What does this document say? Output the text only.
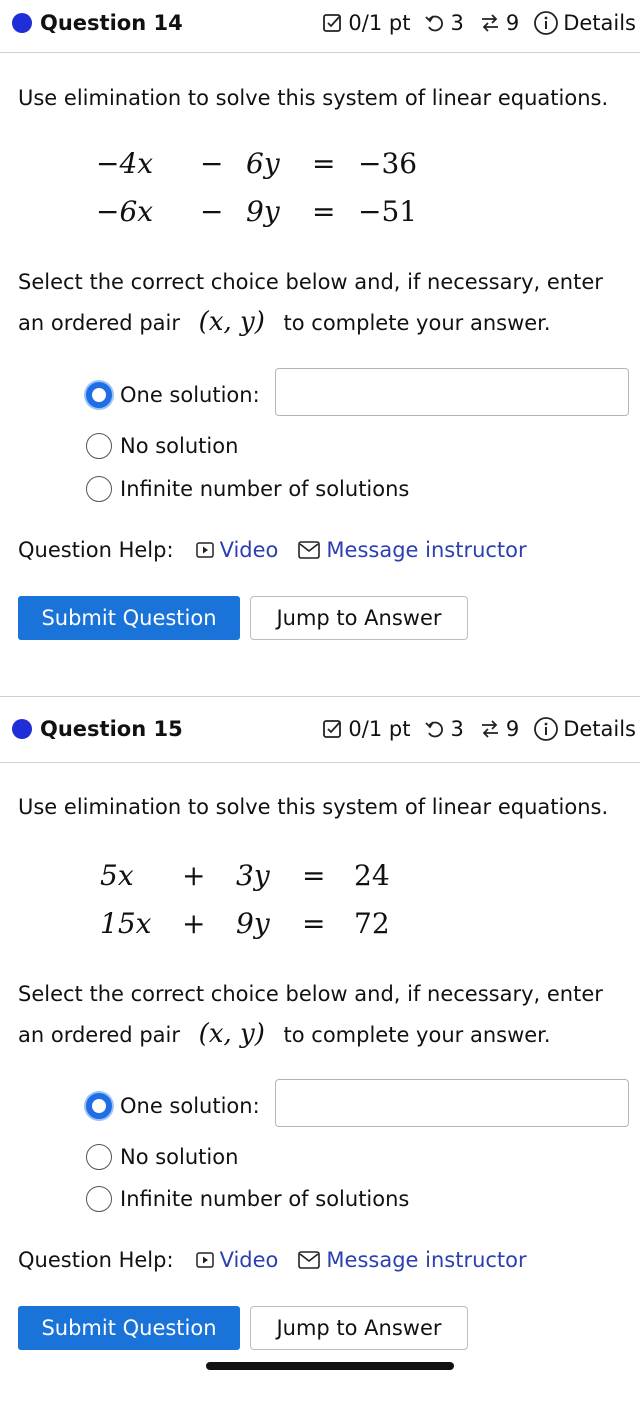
Question 14	0/1 pt 3 9 Details
Use elimination to solve this system of linear equations.
−4x − 6y = −36
−6x − 9y = −51
Select the correct choice below and, if necessary, enter an ordered pair (x, y) to complete your answer.
One solution:
No solution
Infinite number of solutions
Question Help: Video Message instructor
Submit Question	Jump to Answer
Question 15	0/1 pt 3 9 Details
Use elimination to solve this system of linear equations.
5x + 3y = 24
15x + 9y = 72
Select the correct choice below and, if necessary, enter an ordered pair (x, y) to complete your answer.
One solution:
No solution
Infinite number of solutions
Question Help: Video Message instructor
Submit Question	Jump to Answer
